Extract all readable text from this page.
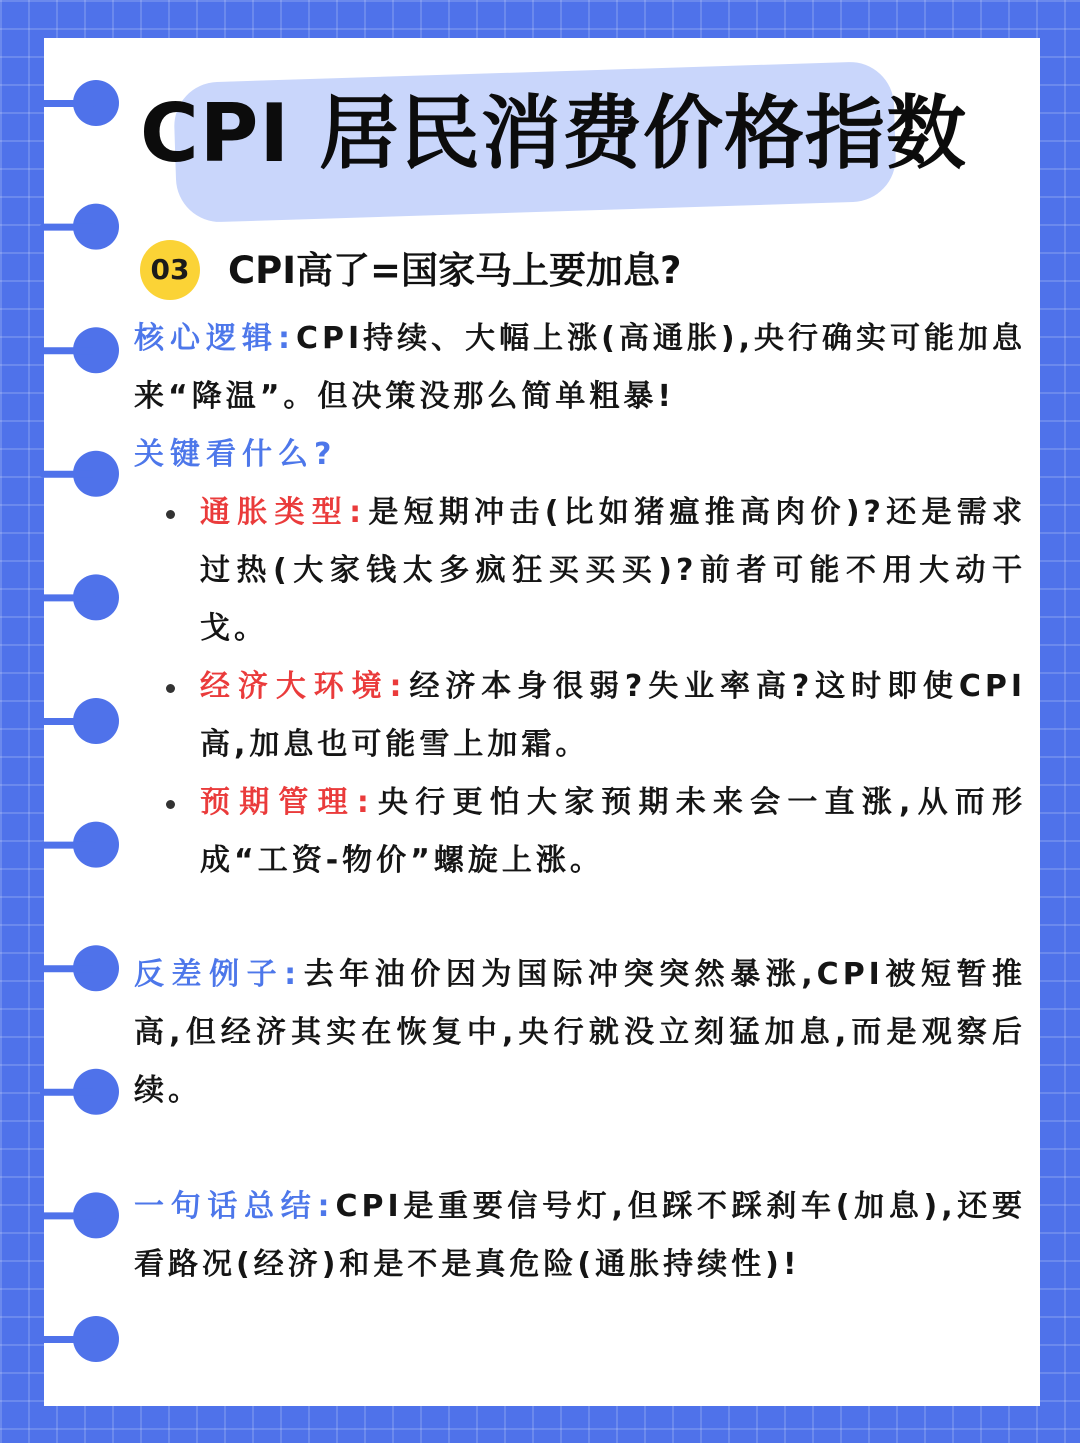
CPI 居民消费价格指数
03 CPI高了=国家马上要加息?

核心逻辑:CPI持续、大幅上涨(高通胀),央行确实可能加息来“降温”。但决策没那么简单粗暴!

关键看什么?

通胀类型:是短期冲击(比如猪瘟推高肉价)?还是需求过热(大家钱太多疯狂买买买)?前者可能不用大动干戈。
经济大环境:经济本身很弱?失业率高?这时即使CPI高,加息也可能雪上加霜。
预期管理:央行更怕大家预期未来会一直涨,从而形成“工资-物价”螺旋上涨。

反差例子:去年油价因为国际冲突突然暴涨,CPI被短暂推高,但经济其实在恢复中,央行就没立刻猛加息,而是观察后续。

一句话总结:CPI是重要信号灯,但踩不踩刹车(加息),还要看路况(经济)和是不是真危险(通胀持续性)!
